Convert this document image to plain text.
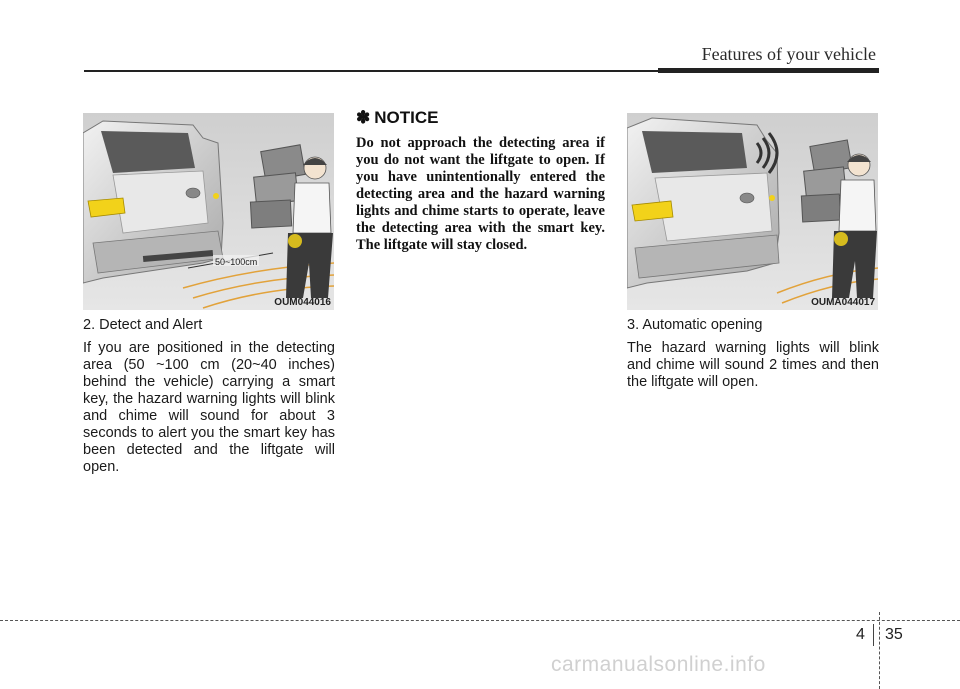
Features of your vehicle
50~100cm
OUM044016	OUMA044017

2. Detect and Alert

If you are positioned in the detecting area (50 ~100 cm (20~40 inches) behind the vehicle) carrying a smart key, the hazard warning lights will blink and chime will sound for about 3 seconds to alert you the smart key has been detected and the liftgate will open.

✽ NOTICE
Do not approach the detecting area if you do not want the liftgate to open. If you have unintentionally entered the detecting area and the hazard warning lights and chime starts to operate, leave the detecting area with the smart key. The liftgate will stay closed.

3. Automatic opening

The hazard warning lights will blink and chime will sound 2 times and then the liftgate will open.

4 35
carmanualsonline.info
